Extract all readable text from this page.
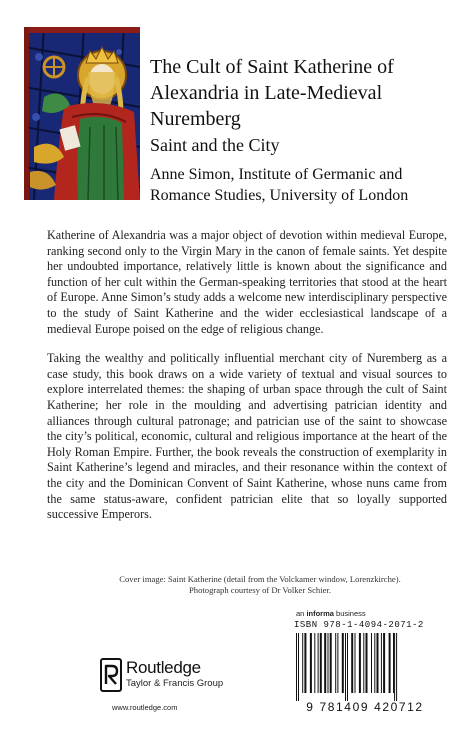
The Cult of Saint Katherine of Alexandria in Late-Medieval Nuremberg
Saint and the City
Anne Simon, Institute of Germanic and Romance Studies, University of London

Katherine of Alexandria was a major object of devotion within medieval Europe, ranking second only to the Virgin Mary in the canon of female saints. Yet despite her undoubted importance, relatively little is known about the significance and function of her cult within the German-speaking territories that stood at the heart of Europe. Anne Simon’s study adds a welcome new interdisciplinary perspective to the study of Saint Katherine and the wider ecclesiastical landscape of a medieval Europe poised on the edge of religious change.

Taking the wealthy and politically influential merchant city of Nuremberg as a case study, this book draws on a wide variety of textual and visual sources to explore interrelated themes: the shaping of urban space through the cult of Saint Katherine; her role in the moulding and advertising patrician identity and alliances through cultural patronage; and patrician use of the saint to showcase the city’s political, economic, cultural and religious importance at the heart of the Holy Roman Empire. Further, the book reveals the construction of exemplarity in Saint Katherine’s legend and miracles, and their resonance within the context of the city and the Dominican Convent of Saint Katherine, whose nuns came from the same status-aware, confident patrician elite that so loyally supported successive Emperors.

Cover image: Saint Katherine (detail from the Volckamer window, Lorenzkirche).
Photograph courtesy of Dr Volker Schier.
Routledge
Taylor & Francis Group
www.routledge.com
an informa business
ISBN 978-1-4094-2071-2
9 781409 420712
